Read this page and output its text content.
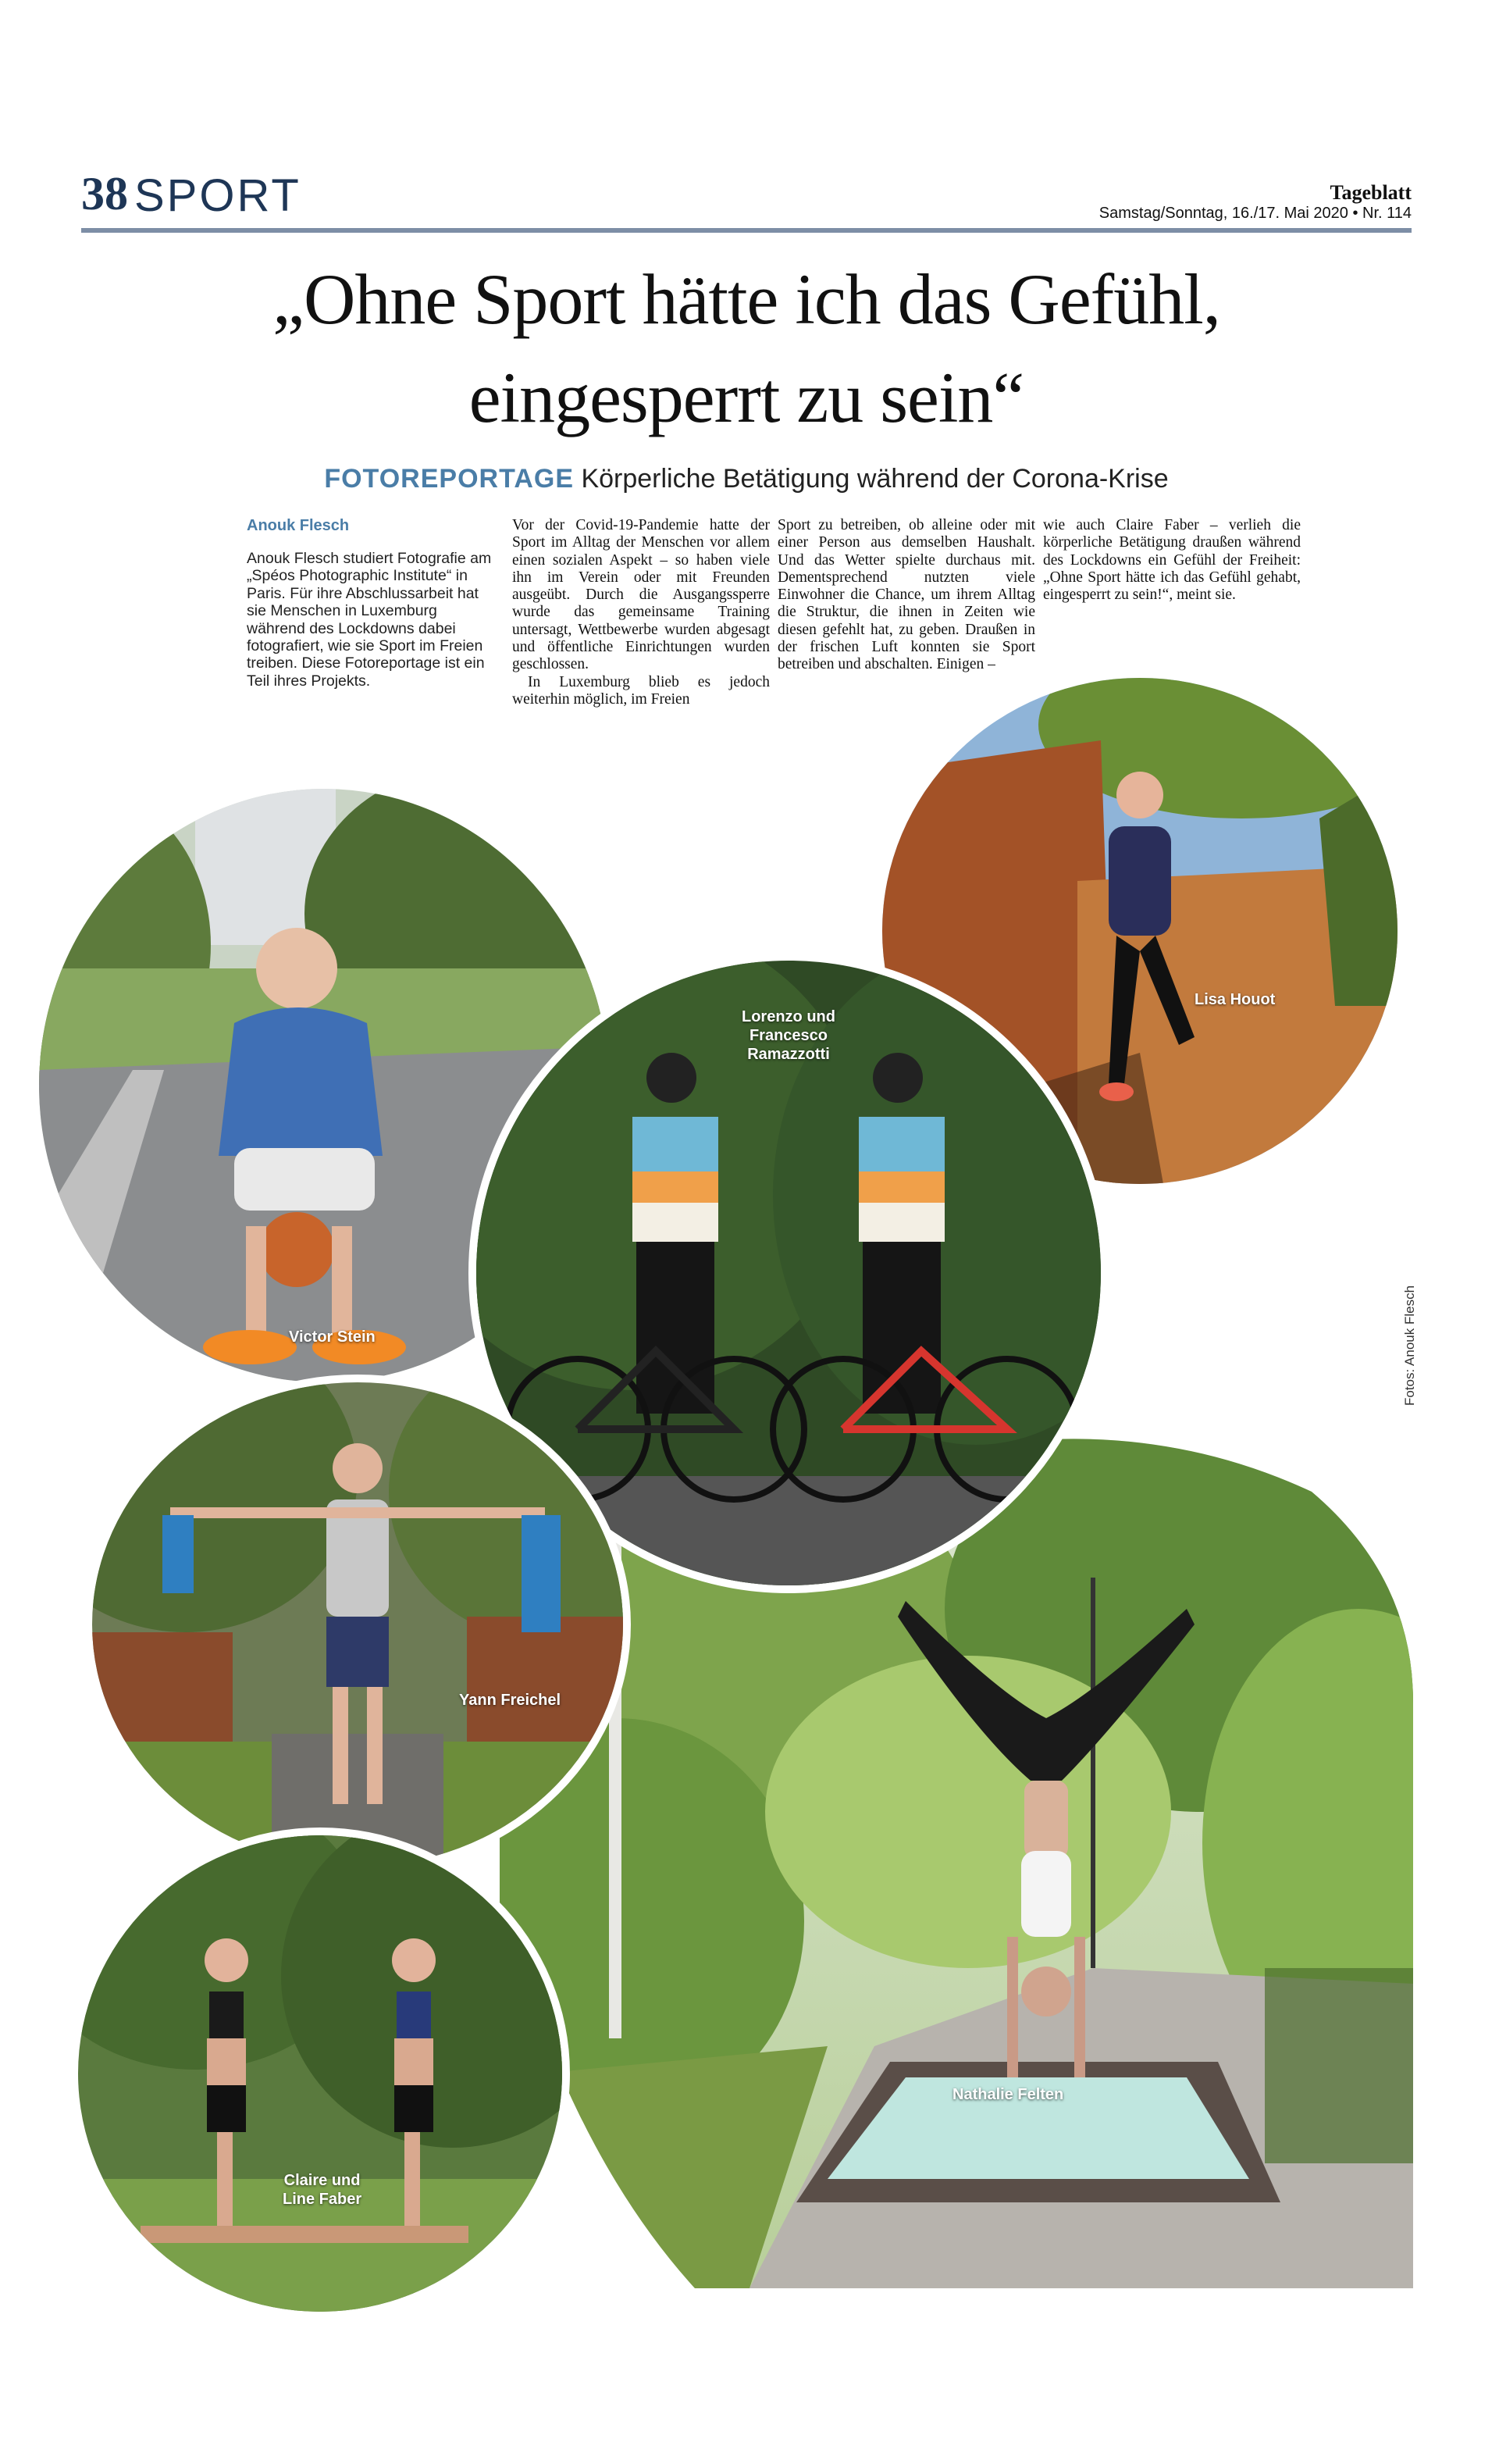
38 SPORT	Tageblatt
Samstag/Sonntag, 16./17. Mai 2020 • Nr. 114
„Ohne Sport hätte ich das Gefühl,
eingesperrt zu sein“
FOTOREPORTAGE Körperliche Betätigung während der Corona-Krise
Anouk Flesch
Anouk Flesch studiert Fotografie am „Spéos Photographic Institute“ in Paris. Für ihre Abschlussarbeit hat sie Menschen in Luxemburg während des Lockdowns dabei fotografiert, wie sie Sport im Freien treiben. Diese Fotoreportage ist ein Teil ihres Projekts.

Vor der Covid-19-Pandemie hatte der Sport im Alltag der Menschen vor allem einen sozialen Aspekt – so haben viele ihn im Verein oder mit Freunden ausgeübt. Durch die Ausgangssperre wurde das gemeinsame Training untersagt, Wettbewerbe wurden abgesagt und öffentliche Einrichtungen wurden geschlossen.

In Luxemburg blieb es jedoch weiterhin möglich, im Freien

Sport zu betreiben, ob alleine oder mit einer Person aus demselben Haushalt. Und das Wetter spielte durchaus mit. Dementsprechend nutzten viele Einwohner die Chance, um ihrem Alltag die Struktur, die ihnen in Zeiten wie diesen gefehlt hat, zu geben. Draußen in der frischen Luft konnten sie Sport betreiben und abschalten. Einigen –

wie auch Claire Faber – verlieh die körperliche Betätigung draußen während des Lockdowns ein Gefühl der Freiheit: „Ohne Sport hätte ich das Gefühl gehabt, eingesperrt zu sein!“, meint sie.

Nathalie Felten
Victor Stein
Lisa Houot
Lorenzo und Francesco
Ramazzotti
Yann Freichel
Claire und
Line Faber
Fotos: Anouk Flesch
